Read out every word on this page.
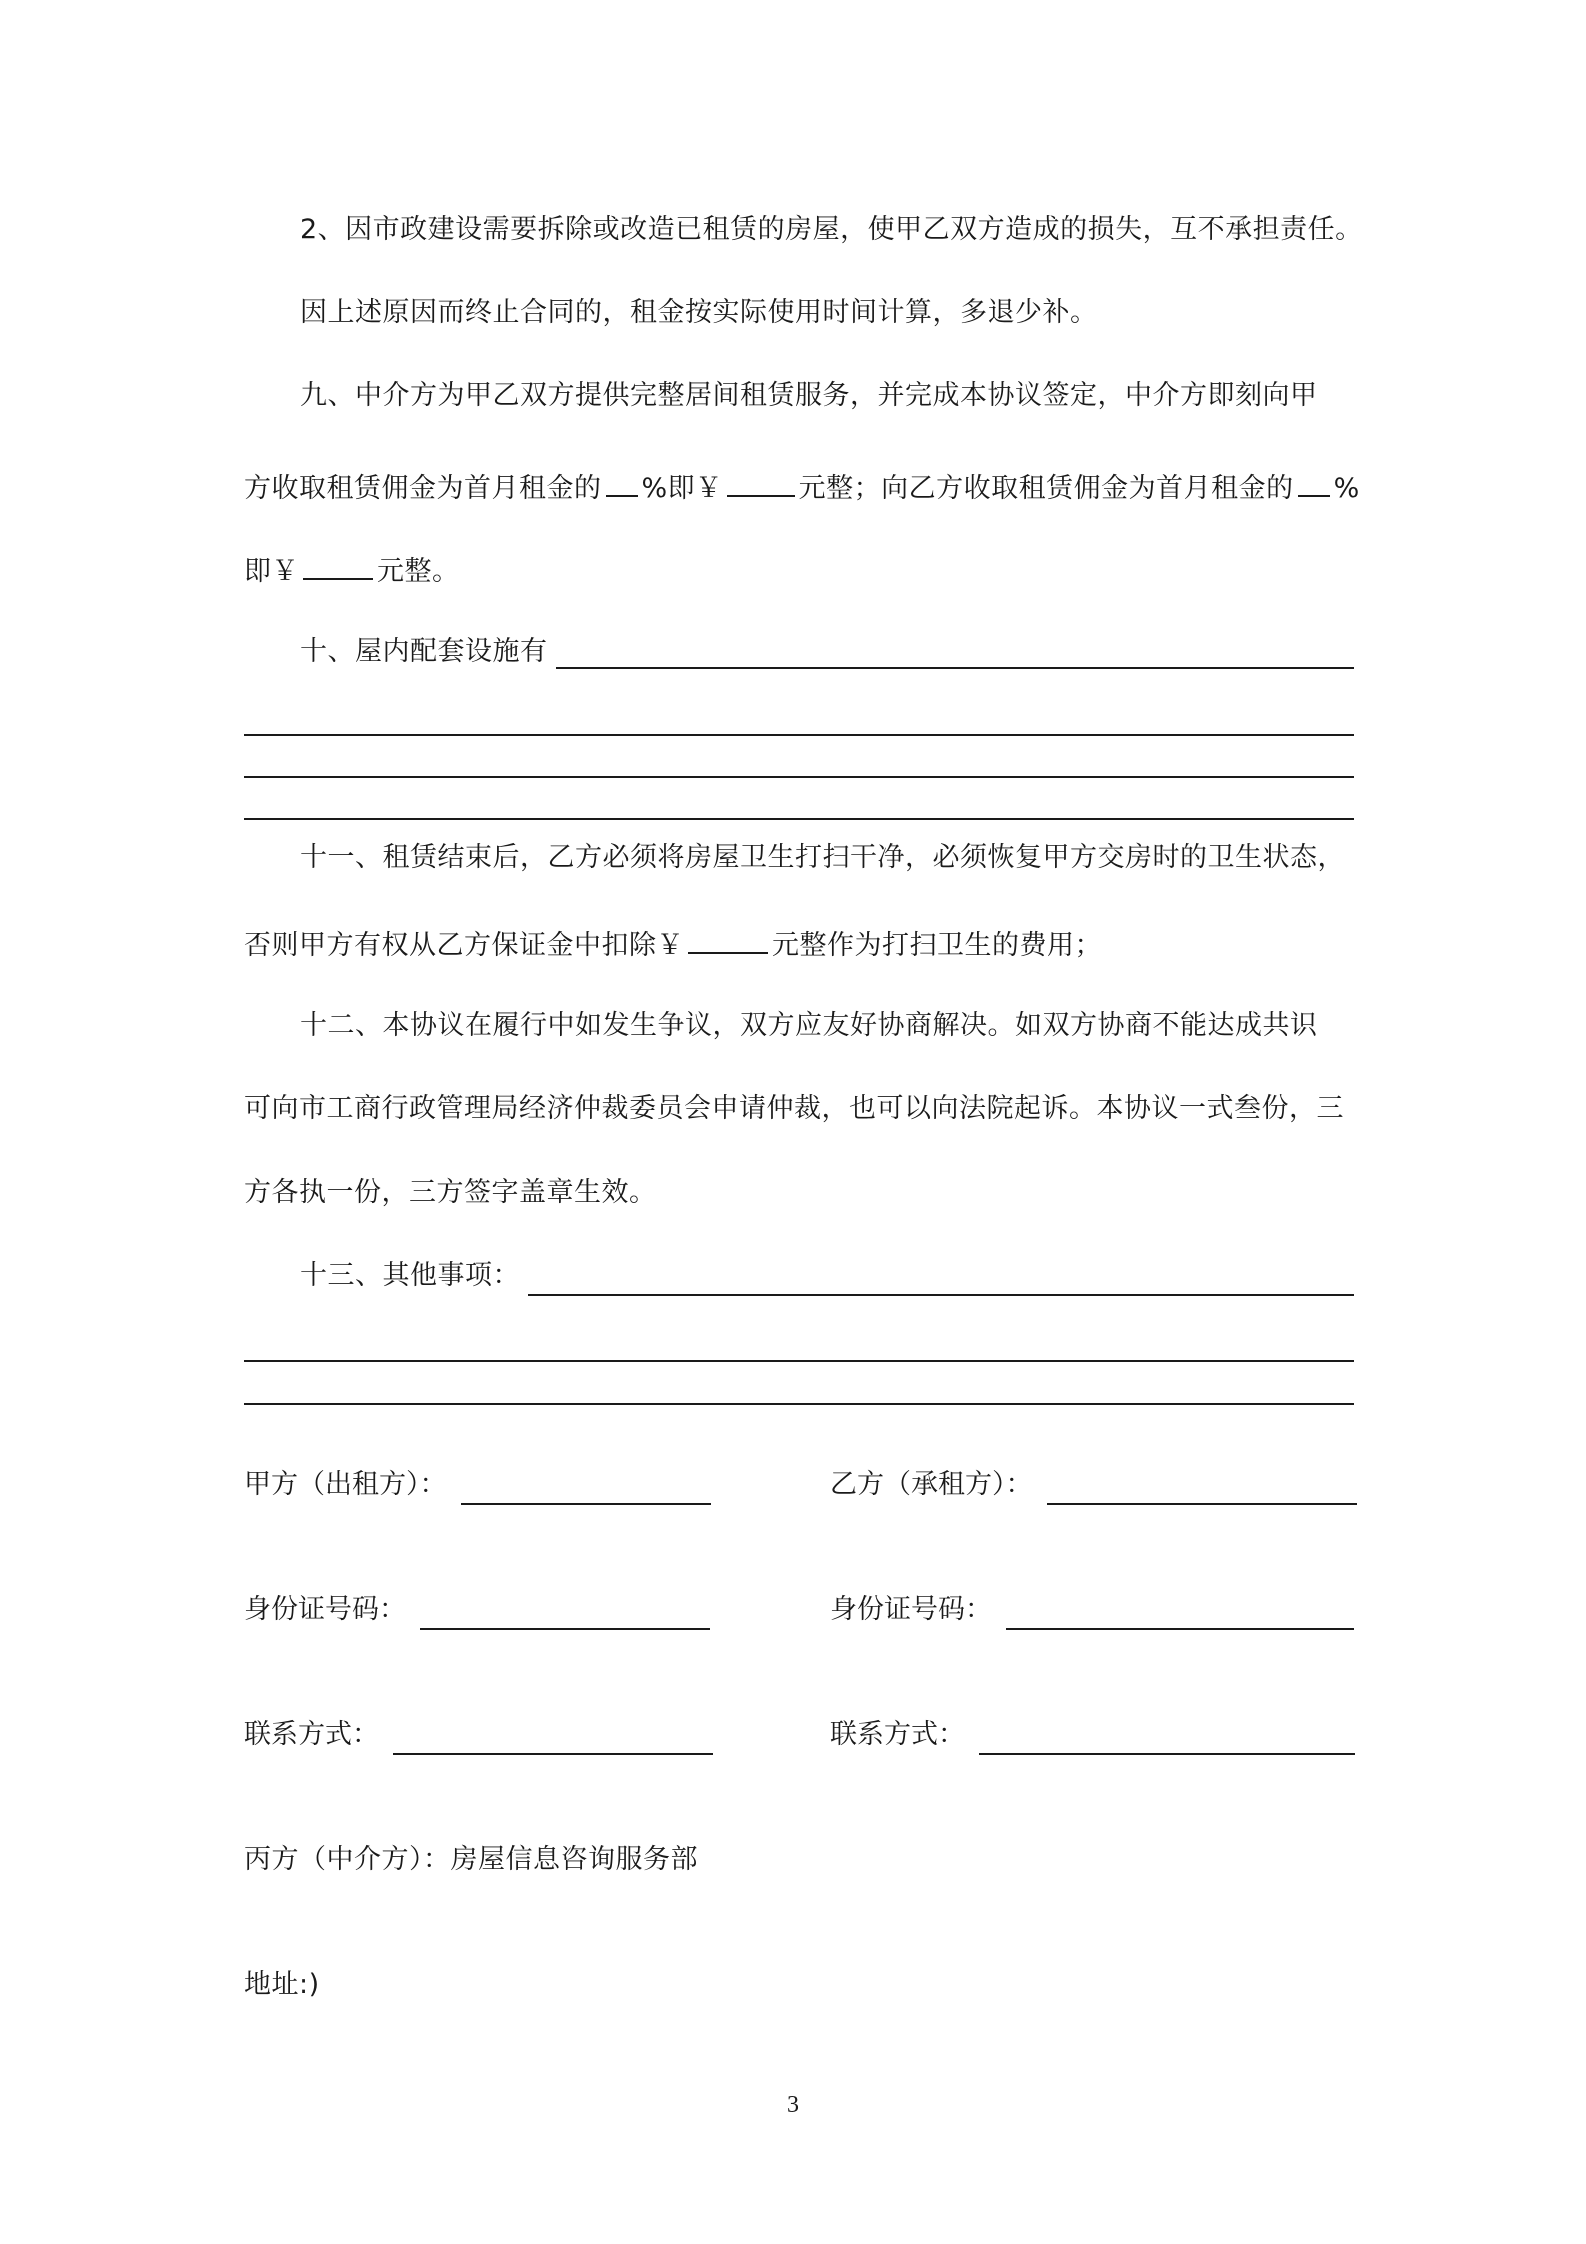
2、因市政建设需要拆除或改造已租赁的房屋，使甲乙双方造成的损失，互不承担责任。
因上述原因而终止合同的，租金按实际使用时间计算，多退少补。
九、中介方为甲乙双方提供完整居间租赁服务，并完成本协议签定，中介方即刻向甲
方收取租赁佣金为首月租金的 %即￥	元整；向乙方收取租赁佣金为首月租金的 %
即￥	元整。
十、屋内配套设施有
十一、租赁结束后，乙方必须将房屋卫生打扫干净，必须恢复甲方交房时的卫生状态，
否则甲方有权从乙方保证金中扣除￥	元整作为打扫卫生的费用；
十二、本协议在履行中如发生争议，双方应友好协商解决。如双方协商不能达成共识
可向市工商行政管理局经济仲裁委员会申请仲裁，也可以向法院起诉。本协议一式叁份，三
方各执一份，三方签字盖章生效。
十三、其他事项：
甲方（出租方）：	乙方（承租方）：
身份证号码：	身份证号码：
联系方式：	联系方式：
丙方（中介方）：房屋信息咨询服务部
地址:)
3
